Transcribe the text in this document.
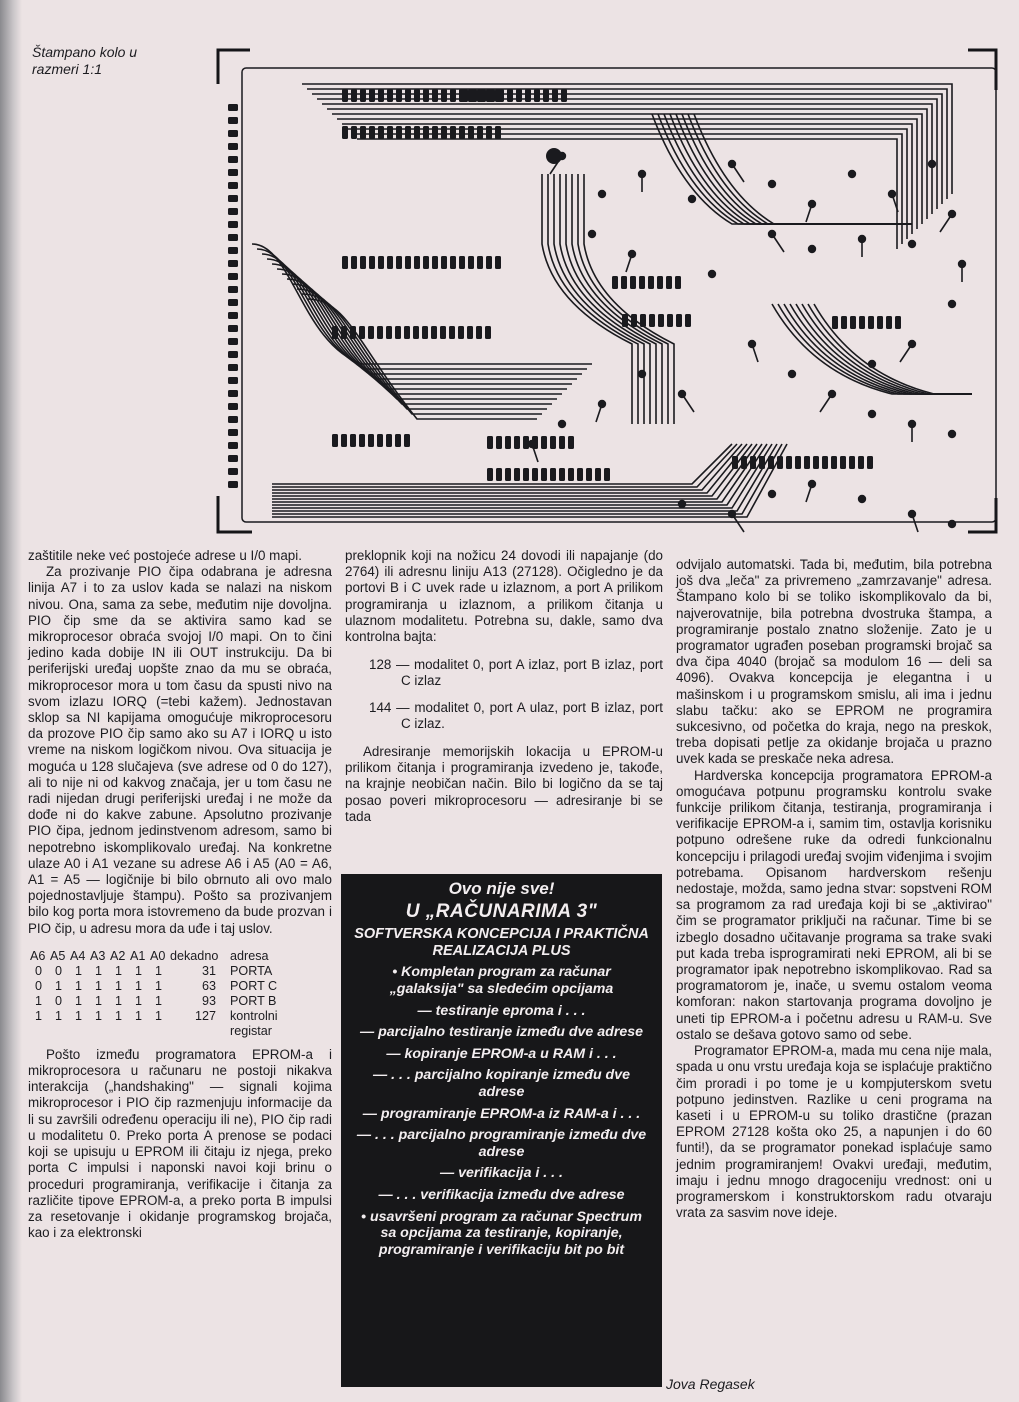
Štampano kolo u
razmeri 1:1

zaštitile neke već postojeće adrese u I/0 mapi.

Za prozivanje PIO čipa odabrana je adresna linija A7 i to za uslov kada se nalazi na niskom nivou. Ona, sama za sebe, međutim nije dovoljna. PIO čip sme da se aktivira samo kad se mikroprocesor obraća svojoj I/0 mapi. On to čini jedino kada dobije IN ili OUT instrukciju. Da bi periferijski uređaj uopšte znao da mu se obraća, mikroprocesor mora u tom času da spusti nivo na svom izlazu IORQ (=tebi kažem). Jednostavan sklop sa NI kapijama omogućuje mikroprocesoru da prozove PIO čip samo ako su A7 i IORQ u isto vreme na niskom logičkom nivou. Ova situacija je moguća u 128 slučajeva (sve adrese od 0 do 127), ali to nije ni od kakvog značaja, jer u tom času ne radi nijedan drugi periferijski uređaj i ne može da dođe ni do kakve zabune. Apsolutno prozivanje PIO čipa, jednom jedinstvenom adresom, samo bi nepotrebno iskomplikovalo uređaj. Na konkretne ulaze A0 i A1 vezane su adrese A6 i A5 (A0 = A6, A1 = A5 — logičnije bi bilo obrnuto ali ovo malo pojednostavljuje štampu). Pošto sa prozivanjem bilo kog porta mora istovremeno da bude prozvan i PIO čip, u adresu mora da uđe i taj uslov.

A6	A5	A4	A3	A2	A1	A0	dekadno	adresa
0	0	1	1	1	1	1	31	PORTA
0	1	1	1	1	1	1	63	PORT C
1	0	1	1	1	1	1	93	PORT B
1	1	1	1	1	1	1	127	kontrolni registar

Pošto između programatora EPROM-a i mikroprocesora u računaru ne postoji nikakva interakcija („handshaking" — signali kojima mikroprocesor i PIO čip razmenjuju informacije da li su završili određenu operaciju ili ne), PIO čip radi u modalitetu 0. Preko porta A prenose se podaci koji se upisuju u EPROM ili čitaju iz njega, preko porta C impulsi i naponski navoi koji brinu o proceduri programiranja, verifikacije i čitanja za različite tipove EPROM-a, a preko porta B impulsi za resetovanje i okidanje programskog brojača, kao i za elektronski

preklopnik koji na nožicu 24 dovodi ili napajanje (do 2764) ili adresnu liniju A13 (27128). Očigledno je da portovi B i C uvek rade u izlaznom, a port A prilikom programiranja u izlaznom, a prilikom čitanja u ulaznom modalitetu. Potrebna su, dakle, samo dva kontrolna bajta:

128 — modalitet 0, port A izlaz, port B izlaz, port C izlaz
144 — modalitet 0, port A ulaz, port B izlaz, port C izlaz.

Adresiranje memorijskih lokacija u EPROM-u prilikom čitanja i programiranja izvedeno je, takođe, na krajnje neobičan način. Bilo bi logično da se taj posao poveri mikroprocesoru — adresiranje bi se tada

Ovo nije sve!
U „RAČUNARIMA 3"
SOFTVERSKA KONCEPCIJA I PRAKTIČNA REALIZACIJA PLUS
• Kompletan program za računar „galaksija" sa sledećim opcijama
— testiranje eproma i . . .
— parcijalno testiranje između dve adrese
— kopiranje EPROM-a u RAM i . . .
— . . . parcijalno kopiranje između dve adrese
— programiranje EPROM-a iz RAM-a i . . .
— . . . parcijalno programiranje između dve adrese
— verifikacija i . . .
— . . . verifikacija između dve adrese
• usavršeni program za računar Spectrum sa opcijama za testiranje, kopiranje, programiranje i verifikaciju bit po bit

odvijalo automatski. Tada bi, međutim, bila potrebna još dva „leča" za privremeno „zamrzavanje" adresa. Štampano kolo bi se toliko iskomplikovalo da bi, najverovatnije, bila potrebna dvostruka štampa, a programiranje postalo znatno složenije. Zato je u programator ugrađen poseban programski brojač sa dva čipa 4040 (brojač sa modulom 16 — deli sa 4096). Ovakva koncepcija je elegantna i u mašinskom i u programskom smislu, ali ima i jednu slabu tačku: ako se EPROM ne programira sukcesivno, od početka do kraja, nego na preskok, treba dopisati petlje za okidanje brojača u prazno uvek kada se preskače neka adresa.

Hardverska koncepcija programatora EPROM-a omogućava potpunu programsku kontrolu svake funkcije prilikom čitanja, testiranja, programiranja i verifikacije EPROM-a i, samim tim, ostavlja korisniku potpuno odrešene ruke da odredi funkcionalnu koncepciju i prilagodi uređaj svojim viđenjima i svojim potrebama. Opisanom hardverskom rešenju nedostaje, možda, samo jedna stvar: sopstveni ROM sa programom za rad uređaja koji bi se „aktivirao" čim se programator priključi na računar. Time bi se izbeglo dosadno učitavanje programa sa trake svaki put kada treba isprogramirati neki EPROM, ali bi se programator ipak nepotrebno iskomplikovao. Rad sa programatorom je, inače, u svemu ostalom veoma komforan: nakon startovanja programa dovoljno je uneti tip EPROM-a i početnu adresu u RAM-u. Sve ostalo se dešava gotovo samo od sebe.

Programator EPROM-a, mada mu cena nije mala, spada u onu vrstu uređaja koja se isplaćuje praktično čim proradi i po tome je u kompjuterskom svetu potpuno jedinstven. Razlike u ceni programa na kaseti i u EPROM-u su toliko drastične (prazan EPROM 27128 košta oko 25, a napunjen i do 60 funti!), da se programator ponekad isplaćuje samo jednim programiranjem! Ovakvi uređaji, međutim, imaju i jednu mnogo dragoceniju vrednost: oni u programerskom i konstruktorskom radu otvaraju vrata za sasvim nove ideje.

Jova Regasek
